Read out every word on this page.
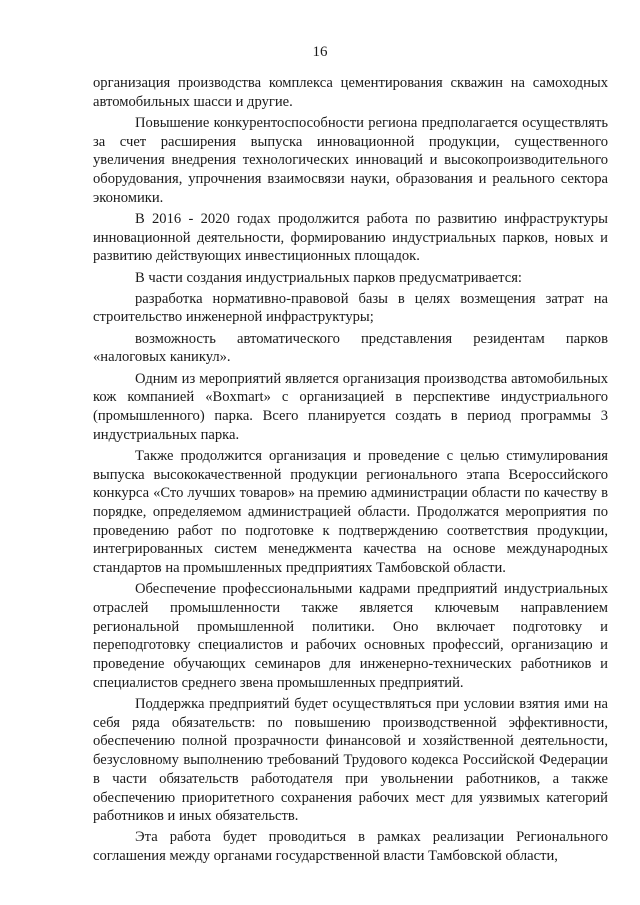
16

организация производства комплекса цементирования скважин на самоходных автомобильных шасси и другие.

Повышение конкурентоспособности региона предполагается осуществлять за счет расширения выпуска инновационной продукции, существенного увеличения внедрения технологических инноваций и высокопроизводительного оборудования, упрочнения взаимосвязи науки, образования и реального сектора экономики.

В 2016 - 2020 годах продолжится работа по развитию инфраструктуры инновационной деятельности, формированию индустриальных парков, новых и развитию действующих инвестиционных площадок.

В части создания индустриальных парков предусматривается:

разработка нормативно-правовой базы в целях возмещения затрат на строительство инженерной инфраструктуры;

возможность автоматического представления резидентам парков «налоговых каникул».

Одним из мероприятий является организация производства автомобильных кож компанией «Boxmart» с организацией в перспективе индустриального (промышленного) парка. Всего планируется создать в период программы 3 индустриальных парка.

Также продолжится организация и проведение с целью стимулирования выпуска высококачественной продукции регионального этапа Всероссийского конкурса «Сто лучших товаров» на премию администрации области по качеству в порядке, определяемом администрацией области. Продолжатся мероприятия по проведению работ по подготовке к подтверждению соответствия продукции, интегрированных систем менеджмента качества на основе международных стандартов на промышленных предприятиях Тамбовской области.

Обеспечение профессиональными кадрами предприятий индустриальных отраслей промышленности также является ключевым направлением региональной промышленной политики. Оно включает подготовку и переподготовку специалистов и рабочих основных профессий, организацию и проведение обучающих семинаров для инженерно-технических работников и специалистов среднего звена промышленных предприятий.

Поддержка предприятий будет осуществляться при условии взятия ими на себя ряда обязательств: по повышению производственной эффективности, обеспечению полной прозрачности финансовой и хозяйственной деятельности, безусловному выполнению требований Трудового кодекса Российской Федерации в части обязательств работодателя при увольнении работников, а также обеспечению приоритетного сохранения рабочих мест для уязвимых категорий работников и иных обязательств.

Эта работа будет проводиться в рамках реализации Регионального соглашения между органами государственной власти Тамбовской области,
